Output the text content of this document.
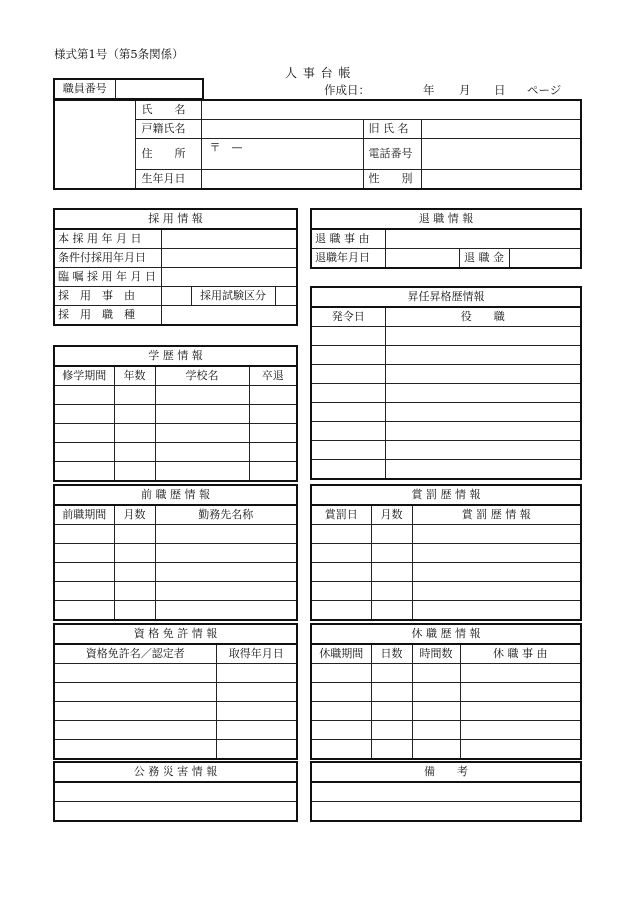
様式第1号（第5条関係）
人 事 台 帳
作成日：	年 月 日 ページ
職員番号	
	氏　　名			
	戸籍氏名		旧 氏 名	
	住　　所	〒　—	電話番号	
	生年月日		性　　別	
採 用 情 報			
本 採 用 年 月 日			
条件付採用年月日			
臨 嘱 採 用 年 月 日			
採　用　事　由		採用試験区分	
採　用　職　種			
退 職 情 報			
退 職 事 由			
退職年月日		退 職 金	
昇任昇格歴情報	
発令日	役　　職

学 歴 情 報			
修学期間	年数	学校名	卒退

前 職 歴 情 報		
前職期間	月数	勤務先名称

賞 罰 歴 情 報		
賞罰日	月数	賞 罰 歴 情 報

資 格 免 許 情 報	
資格免許名／認定者	取得年月日

休 職 歴 情 報			
休職期間	日数	時間数	休 職 事 由

公 務 災 害 情 報	備　　考
